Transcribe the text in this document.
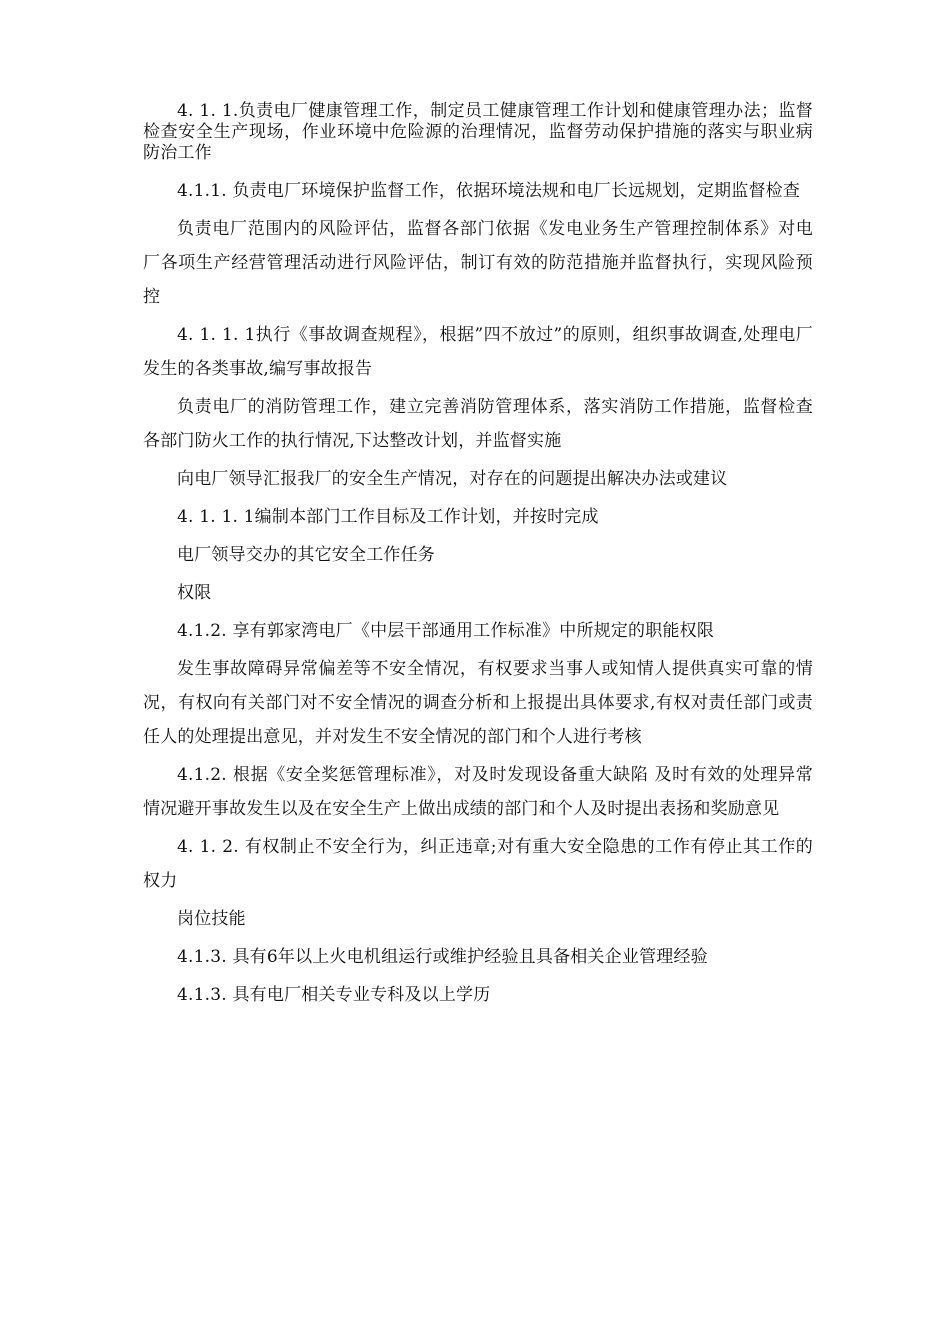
4. 1. 1.负责电厂健康管理工作，制定员工健康管理工作计划和健康管理办法；监督检查安全生产现场，作业环境中危险源的治理情况，监督劳动保护措施的落实与职业病防治工作

4.1.1. 负责电厂环境保护监督工作，依据环境法规和电厂长远规划，定期监督检查

负责电厂范围内的风险评估，监督各部门依据《发电业务生产管理控制体系》对电厂各项生产经营管理活动进行风险评估，制订有效的防范措施并监督执行，实现风险预控

4. 1. 1. 1执行《事故调查规程》，根据”四不放过”的原则，组织事故调查,处理电厂发生的各类事故,编写事故报告

负责电厂的消防管理工作，建立完善消防管理体系，落实消防工作措施，监督检查各部门防火工作的执行情况,下达整改计划，并监督实施

向电厂领导汇报我厂的安全生产情况，对存在的问题提出解决办法或建议

4. 1. 1. 1编制本部门工作目标及工作计划，并按时完成

电厂领导交办的其它安全工作任务

权限

4.1.2. 享有郭家湾电厂《中层干部通用工作标准》中所规定的职能权限

发生事故障碍异常偏差等不安全情况，有权要求当事人或知情人提供真实可靠的情况，有权向有关部门对不安全情况的调查分析和上报提出具体要求,有权对责任部门或责任人的处理提出意见，并对发生不安全情况的部门和个人进行考核

4.1.2. 根据《安全奖惩管理标准》，对及时发现设备重大缺陷 及时有效的处理异常情况避开事故发生以及在安全生产上做出成绩的部门和个人及时提出表扬和奖励意见

4. 1. 2. 有权制止不安全行为，纠正违章;对有重大安全隐患的工作有停止其工作的权力

岗位技能

4.1.3. 具有6年以上火电机组运行或维护经验且具备相关企业管理经验

4.1.3. 具有电厂相关专业专科及以上学历
